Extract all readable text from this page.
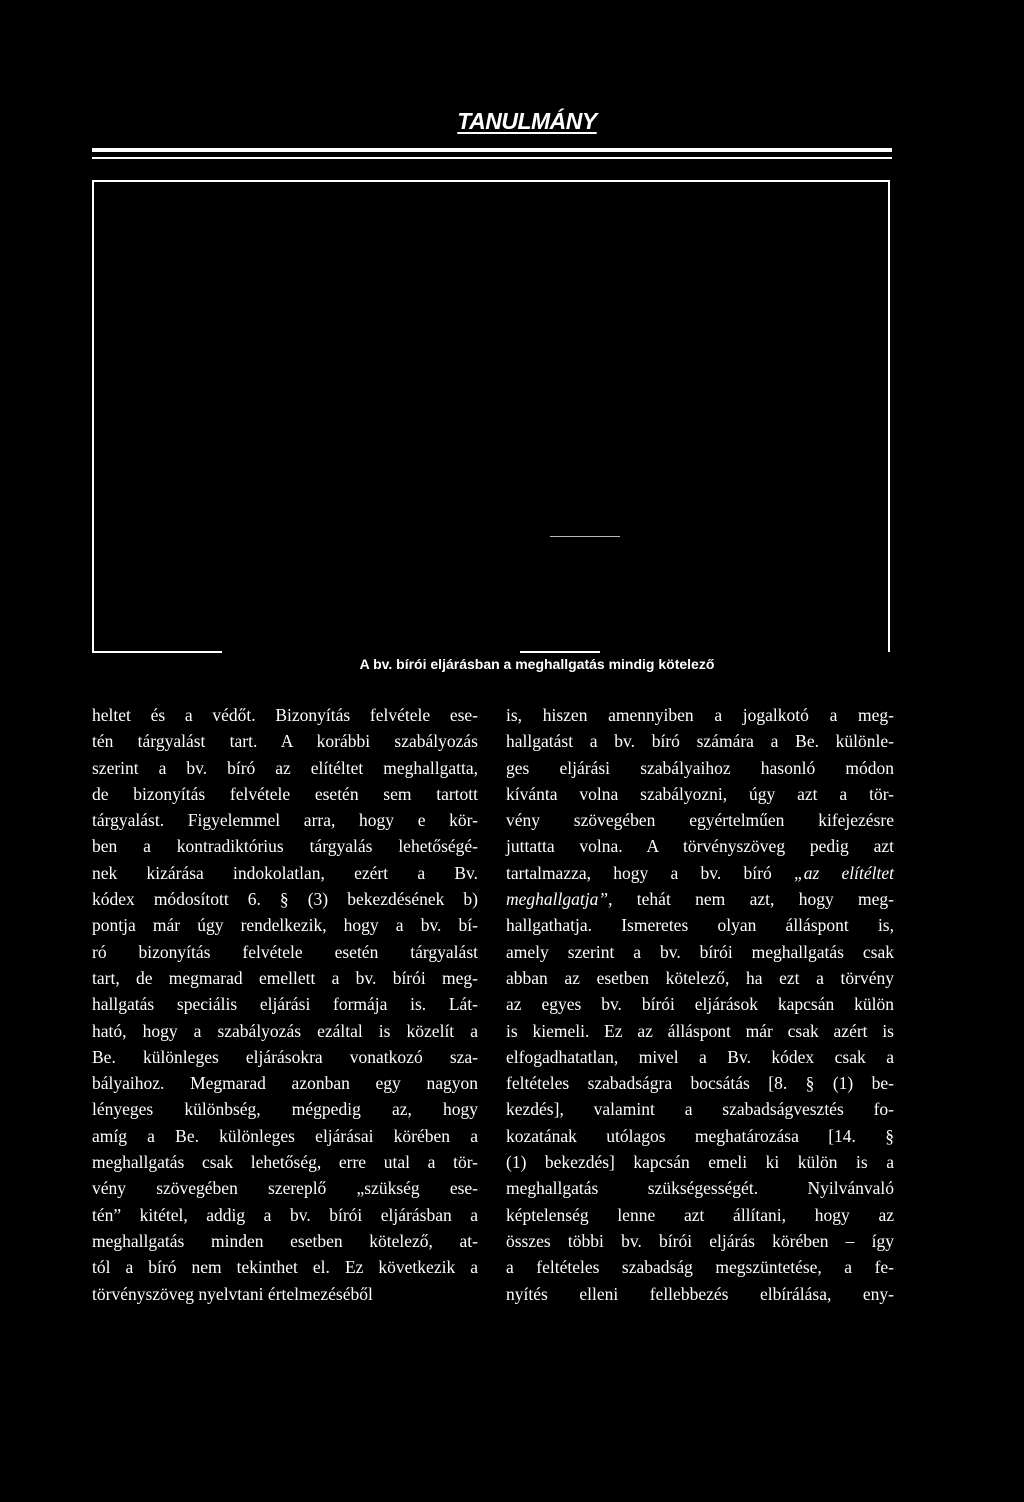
TANULMÁNY
A bv. bírói eljárásban a meghallgatás mindig kötelező
heltet és a védőt. Bizonyítás felvétele ese-
tén tárgyalást tart. A korábbi szabályozás
szerint a bv. bíró az elítéltet meghallgatta,
de bizonyítás felvétele esetén sem tartott
tárgyalást. Figyelemmel arra, hogy e kör-
ben a kontradiktórius tárgyalás lehetőségé-
nek kizárása indokolatlan, ezért a Bv.
kódex módosított 6. § (3) bekezdésének b)
pontja már úgy rendelkezik, hogy a bv. bí-
ró bizonyítás felvétele esetén tárgyalást
tart, de megmarad emellett a bv. bírói meg-
hallgatás speciális eljárási formája is. Lát-
ható, hogy a szabályozás ezáltal is közelít a
Be. különleges eljárásokra vonatkozó sza-
bályaihoz. Megmarad azonban egy nagyon
lényeges különbség, mégpedig az, hogy
amíg a Be. különleges eljárásai körében a
meghallgatás csak lehetőség, erre utal a tör-
vény szövegében szereplő „szükség ese-
tén” kitétel, addig a bv. bírói eljárásban a
meghallgatás minden esetben kötelező, at-
tól a bíró nem tekinthet el. Ez következik a
törvényszöveg nyelvtani értelmezéséből
is, hiszen amennyiben a jogalkotó a meg-
hallgatást a bv. bíró számára a Be. különle-
ges eljárási szabályaihoz hasonló módon
kívánta volna szabályozni, úgy azt a tör-
vény szövegében egyértelműen kifejezésre
juttatta volna. A törvényszöveg pedig azt
tartalmazza, hogy a bv. bíró „az elítéltet
meghallgatja”, tehát nem azt, hogy meg-
hallgathatja. Ismeretes olyan álláspont is,
amely szerint a bv. bírói meghallgatás csak
abban az esetben kötelező, ha ezt a törvény
az egyes bv. bírói eljárások kapcsán külön
is kiemeli. Ez az álláspont már csak azért is
elfogadhatatlan, mivel a Bv. kódex csak a
feltételes szabadságra bocsátás [8. § (1) be-
kezdés], valamint a szabadságvesztés fo-
kozatának utólagos meghatározása [14. §
(1) bekezdés] kapcsán emeli ki külön is a
meghallgatás szükségességét. Nyilvánvaló
képtelenség lenne azt állítani, hogy az
összes többi bv. bírói eljárás körében – így
a feltételes szabadság megszüntetése, a fe-
nyítés elleni fellebbezés elbírálása, eny-
